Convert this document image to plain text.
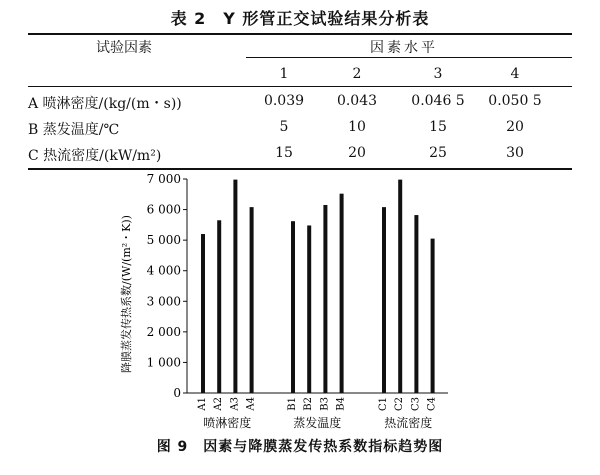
表 2　Y 形管正交试验结果分析表
试验因素	因素水平
1	2	3	4
A 喷淋密度/(kg/(m・s))	0.039	0.043	0.046 5	0.050 5
B 蒸发温度/℃	5	10	15	20
C 热流密度/(kW/m²)	15	20	25	30
0
1 000
2 000
3 000
4 000
5 000
6 000
7 000
A1 A2 A3 A4
喷淋密度
B1 B2 B3 B4
蒸发温度
C1 C2 C3 C4
热流密度
降膜蒸发传热系数/(W/(m²・K))
图 9　因素与降膜蒸发传热系数指标趋势图
